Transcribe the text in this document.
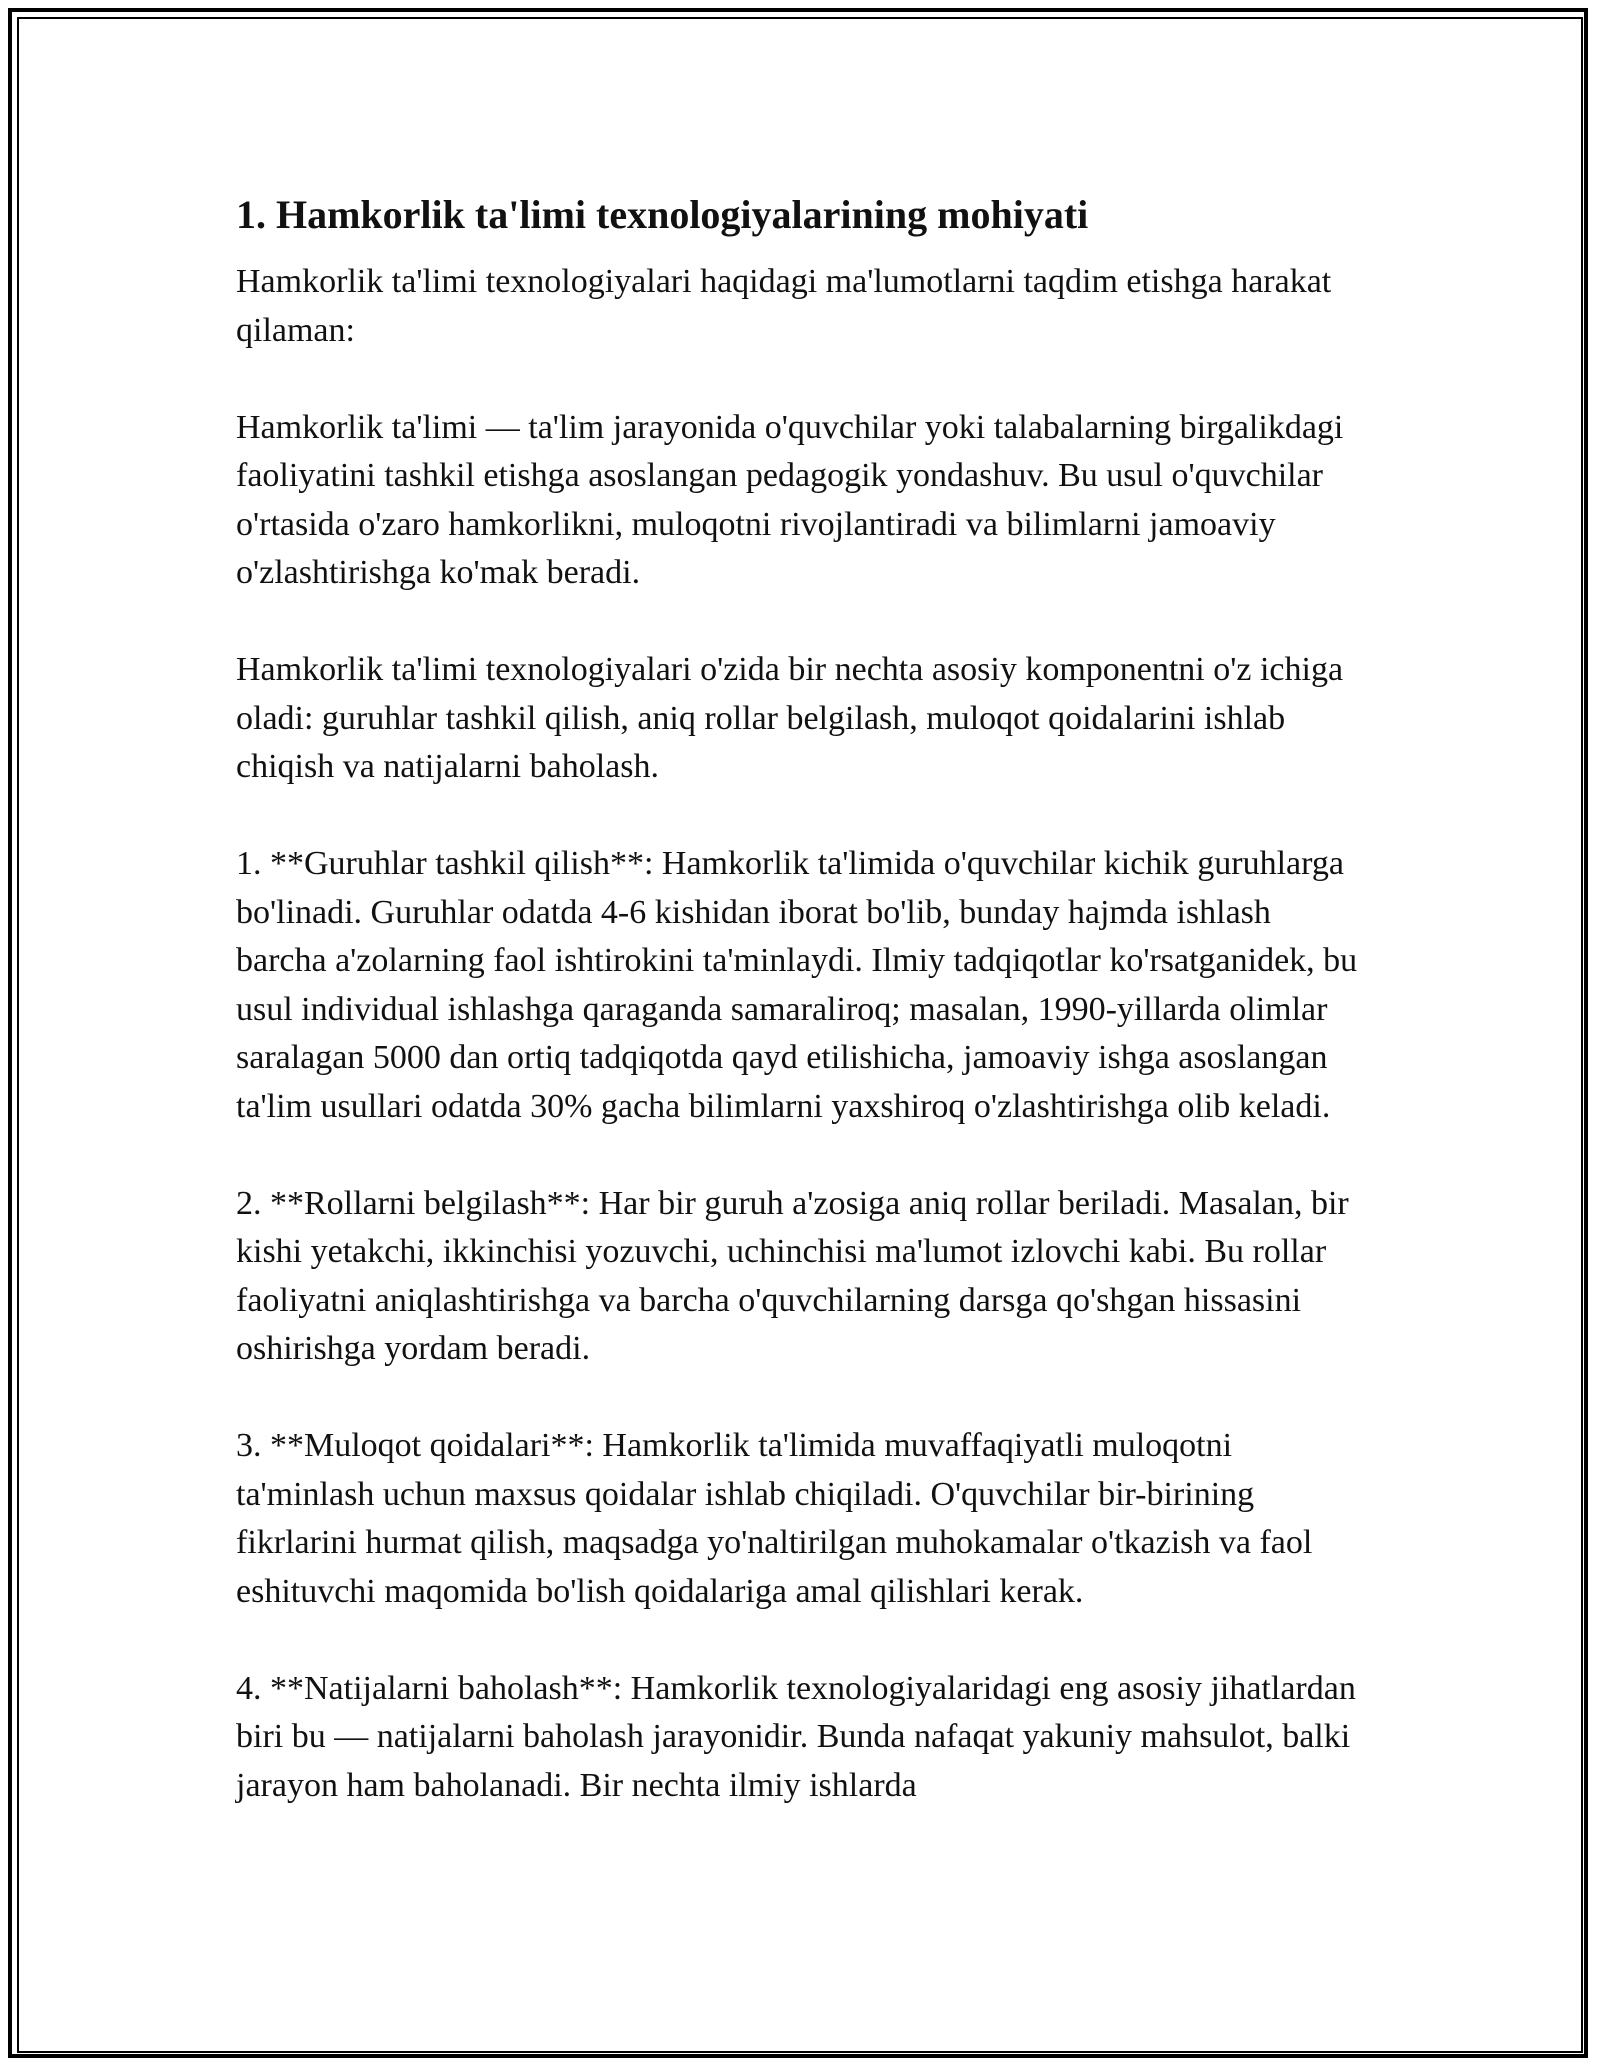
1. Hamkorlik ta'limi texnologiyalarining mohiyati

Hamkorlik ta'limi texnologiyalari haqidagi ma'lumotlarni taqdim etishga harakat qilaman:

Hamkorlik ta'limi — ta'lim jarayonida o'quvchilar yoki talabalarning birgalikdagi faoliyatini tashkil etishga asoslangan pedagogik yondashuv. Bu usul o'quvchilar o'rtasida o'zaro hamkorlikni, muloqotni rivojlantiradi va bilimlarni jamoaviy o'zlashtirishga ko'mak beradi.

Hamkorlik ta'limi texnologiyalari o'zida bir nechta asosiy komponentni o'z ichiga oladi: guruhlar tashkil qilish, aniq rollar belgilash, muloqot qoidalarini ishlab chiqish va natijalarni baholash.

1. **Guruhlar tashkil qilish**: Hamkorlik ta'limida o'quvchilar kichik guruhlarga bo'linadi. Guruhlar odatda 4-6 kishidan iborat bo'lib, bunday hajmda ishlash barcha a'zolarning faol ishtirokini ta'minlaydi. Ilmiy tadqiqotlar ko'rsatganidek, bu usul individual ishlashga qaraganda samaraliroq; masalan, 1990-yillarda olimlar saralagan 5000 dan ortiq tadqiqotda qayd etilishicha, jamoaviy ishga asoslangan ta'lim usullari odatda 30% gacha bilimlarni yaxshiroq o'zlashtirishga olib keladi.

2. **Rollarni belgilash**: Har bir guruh a'zosiga aniq rollar beriladi. Masalan, bir kishi yetakchi, ikkinchisi yozuvchi, uchinchisi ma'lumot izlovchi kabi. Bu rollar faoliyatni aniqlashtirishga va barcha o'quvchilarning darsga qo'shgan hissasini oshirishga yordam beradi.

3. **Muloqot qoidalari**: Hamkorlik ta'limida muvaffaqiyatli muloqotni ta'minlash uchun maxsus qoidalar ishlab chiqiladi. O'quvchilar bir-birining fikrlarini hurmat qilish, maqsadga yo'naltirilgan muhokamalar o'tkazish va faol eshituvchi maqomida bo'lish qoidalariga amal qilishlari kerak.

4. **Natijalarni baholash**: Hamkorlik texnologiyalaridagi eng asosiy jihatlardan biri bu — natijalarni baholash jarayonidir. Bunda nafaqat yakuniy mahsulot, balki jarayon ham baholanadi. Bir nechta ilmiy ishlarda
